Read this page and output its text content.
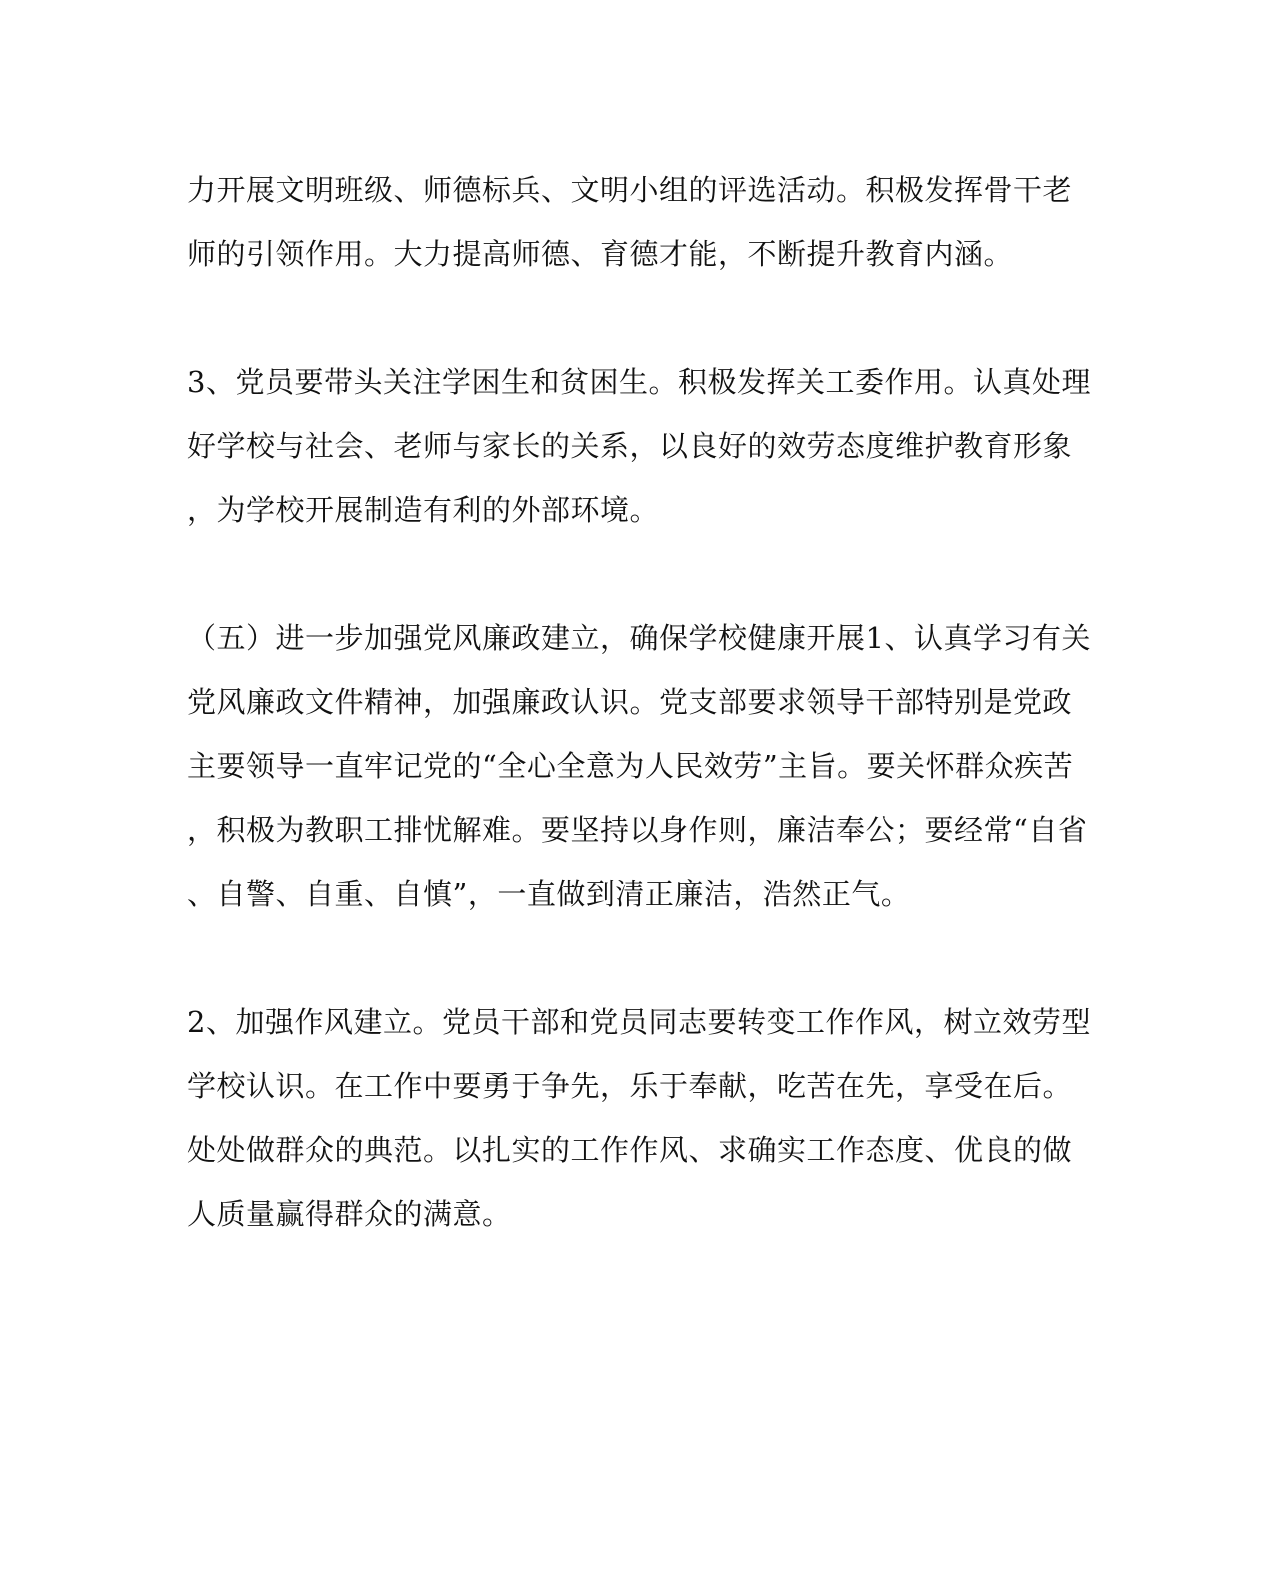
力开展文明班级、师德标兵、文明小组的评选活动。积极发挥骨干老
师的引领作用。大力提高师德、育德才能，不断提升教育内涵。
3、党员要带头关注学困生和贫困生。积极发挥关工委作用。认真处理
好学校与社会、老师与家长的关系，以良好的效劳态度维护教育形象
，为学校开展制造有利的外部环境。
（五）进一步加强党风廉政建立，确保学校健康开展1、认真学习有关
党风廉政文件精神，加强廉政认识。党支部要求领导干部特别是党政
主要领导一直牢记党的“全心全意为人民效劳”主旨。要关怀群众疾苦
，积极为教职工排忧解难。要坚持以身作则，廉洁奉公；要经常“自省
、自警、自重、自慎”，一直做到清正廉洁，浩然正气。
2、加强作风建立。党员干部和党员同志要转变工作作风，树立效劳型
学校认识。在工作中要勇于争先，乐于奉献，吃苦在先，享受在后。
处处做群众的典范。以扎实的工作作风、求确实工作态度、优良的做
人质量赢得群众的满意。
